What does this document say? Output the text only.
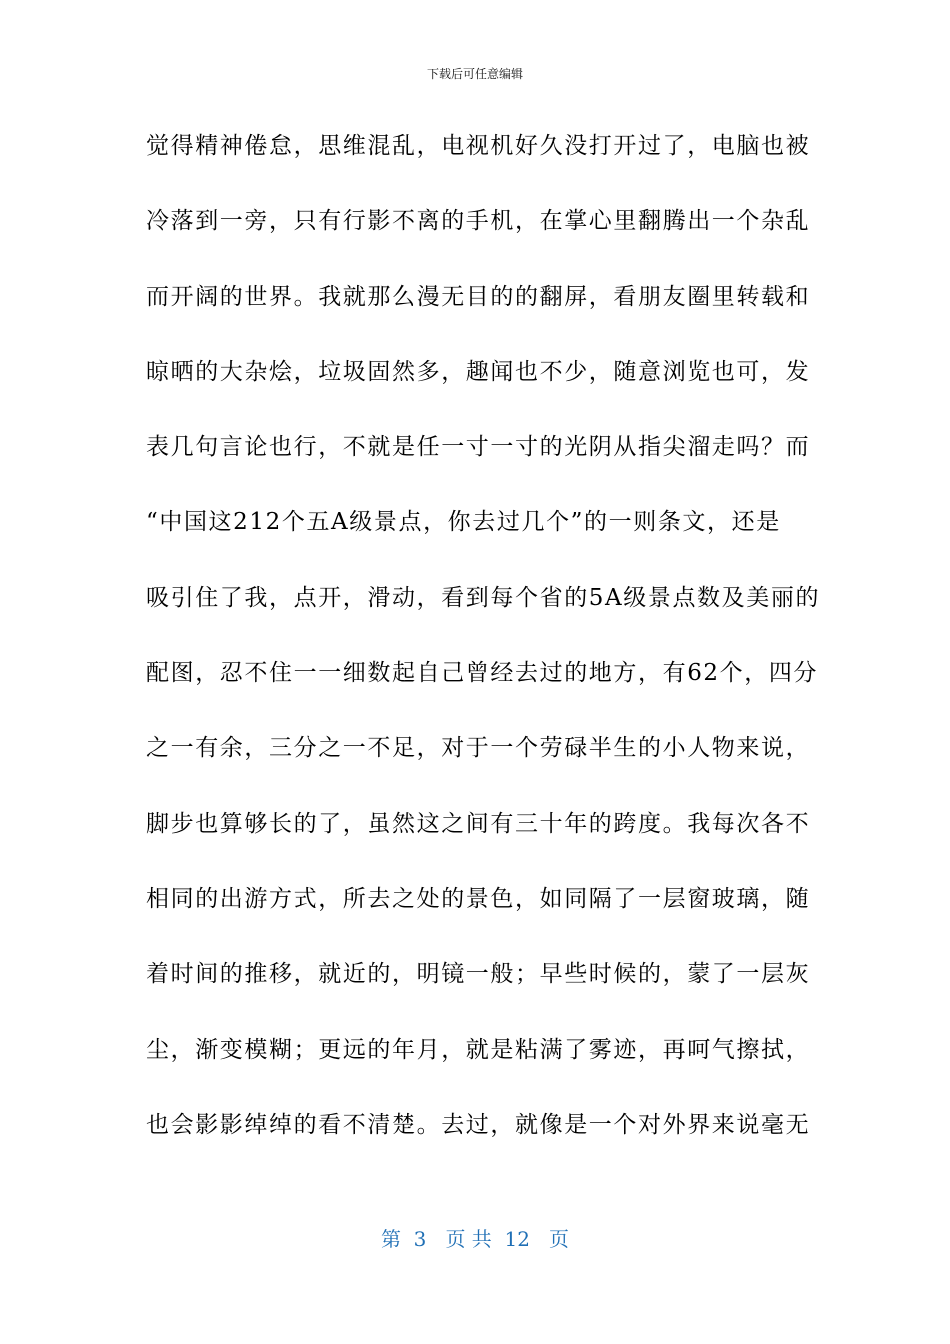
下载后可任意编辑
觉得精神倦怠，思维混乱，电视机好久没打开过了，电脑也被
冷落到一旁，只有行影不离的手机，在掌心里翻腾出一个杂乱
而开阔的世界。我就那么漫无目的的翻屏，看朋友圈里转载和
晾晒的大杂烩，垃圾固然多，趣闻也不少，随意浏览也可，发
表几句言论也行，不就是任一寸一寸的光阴从指尖溜走吗？而
“中国这212个五A级景点，你去过几个”的一则条文，还是
吸引住了我，点开，滑动，看到每个省的5A级景点数及美丽的
配图，忍不住一一细数起自己曾经去过的地方，有62个，四分
之一有余，三分之一不足，对于一个劳碌半生的小人物来说，
脚步也算够长的了，虽然这之间有三十年的跨度。我每次各不
相同的出游方式，所去之处的景色，如同隔了一层窗玻璃，随
着时间的推移，就近的，明镜一般；早些时候的，蒙了一层灰
尘，渐变模糊；更远的年月，就是粘满了雾迹，再呵气擦拭，
也会影影绰绰的看不清楚。去过，就像是一个对外界来说毫无
第  3   页 共  12   页
